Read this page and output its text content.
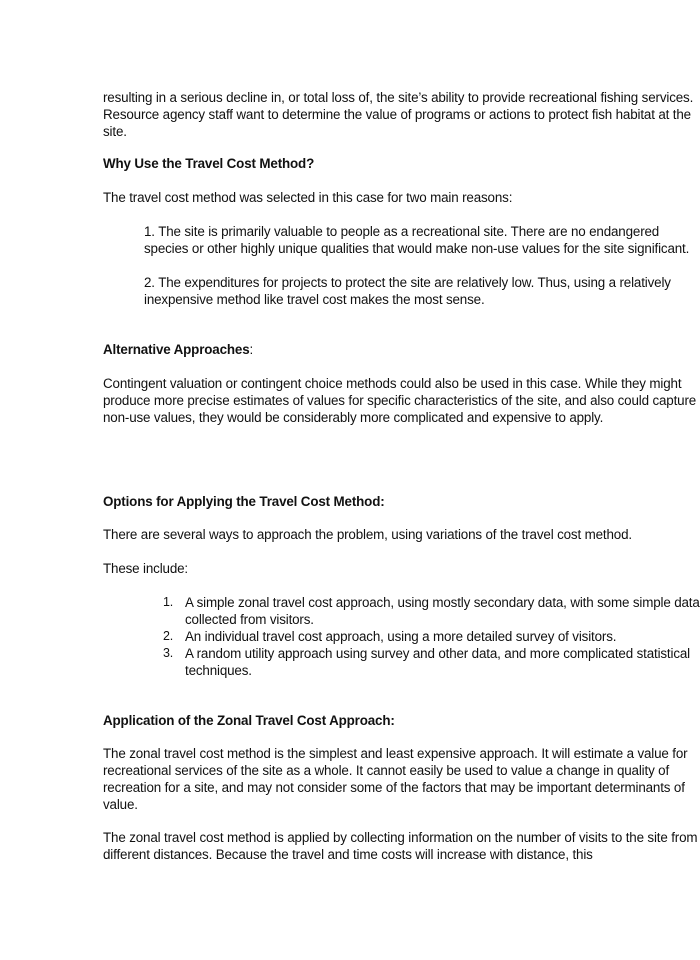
resulting in a serious decline in, or total loss of, the site’s ability to provide recreational fishing services. Resource agency staff want to determine the value of programs or actions to protect fish habitat at the site.

Why Use the Travel Cost Method?

The travel cost method was selected in this case for two main reasons:

1. The site is primarily valuable to people as a recreational site. There are no endangered species or other highly unique qualities that would make non-use values for the site significant.

2. The expenditures for projects to protect the site are relatively low. Thus, using a relatively inexpensive method like travel cost makes the most sense.

Alternative Approaches:

Contingent valuation or contingent choice methods could also be used in this case. While they might produce more precise estimates of values for specific characteristics of the site, and also could capture non-use values, they would be considerably more complicated and expensive to apply.

Options for Applying the Travel Cost Method:

There are several ways to approach the problem, using variations of the travel cost method.

These include:

1. A simple zonal travel cost approach, using mostly secondary data, with some simple data collected from visitors.
2. An individual travel cost approach, using a more detailed survey of visitors.
3. A random utility approach using survey and other data, and more complicated statistical techniques.
Application of the Zonal Travel Cost Approach:

The zonal travel cost method is the simplest and least expensive approach. It will estimate a value for recreational services of the site as a whole. It cannot easily be used to value a change in quality of recreation for a site, and may not consider some of the factors that may be important determinants of value.

The zonal travel cost method is applied by collecting information on the number of visits to the site from different distances. Because the travel and time costs will increase with distance, this
